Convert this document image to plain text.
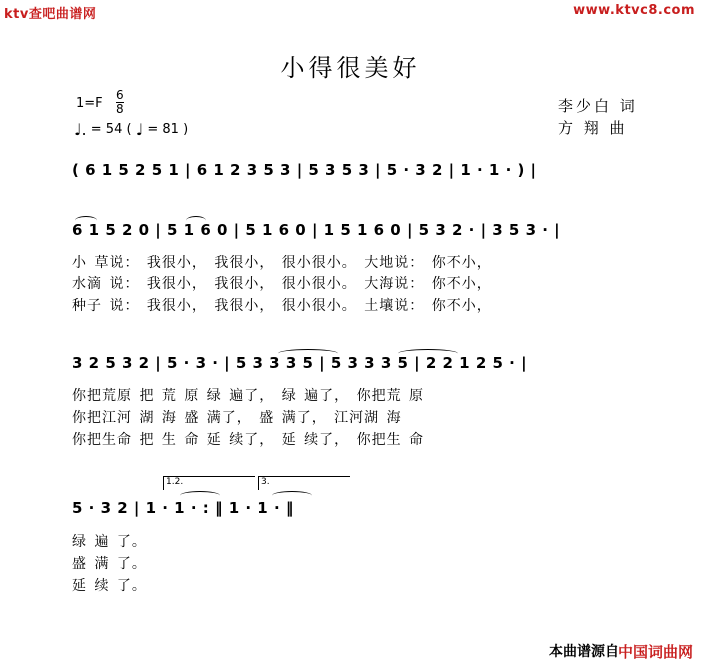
ktv查吧曲谱网	www.ktvc8.com
小得很美好
1=F
6
8
♩. = 54 ( ♩ = 81 )
李少白 词
方 翔 曲
( 6 1 5 2 5 1 | 6 1 2 3 5 3 | 5 3 5 3 | 5 · 3 2 | 1 · 1 · ) |
6 1 5 2 0 | 5 1 6 0 | 5 1 6 0 | 1 5 1 6 0 | 5 3 2 · | 3 5 3 · |
小 草说： 我很小， 我很小， 很小很小。 大地说： 你不小，
水滴 说： 我很小， 我很小， 很小很小。 大海说： 你不小，
种子 说： 我很小， 我很小， 很小很小。 土壤说： 你不小，
3 2 5 3 2 | 5 · 3 · | 5 3 3 3 5 | 5 3 3 3 5 | 2 2 1 2 5 · |
你把荒原 把 荒 原 绿 遍了， 绿 遍了， 你把荒 原
你把江河 湖 海 盛 满了， 盛 满了， 江河湖 海
你把生命 把 生 命 延 续了， 延 续了， 你把生 命
1.2.	3.
5 · 3 2 | 1 · 1 · : ‖ 1 · 1 · ‖
绿 遍 了。
盛 满 了。
延 续 了。
本曲谱源自
中国词曲网
